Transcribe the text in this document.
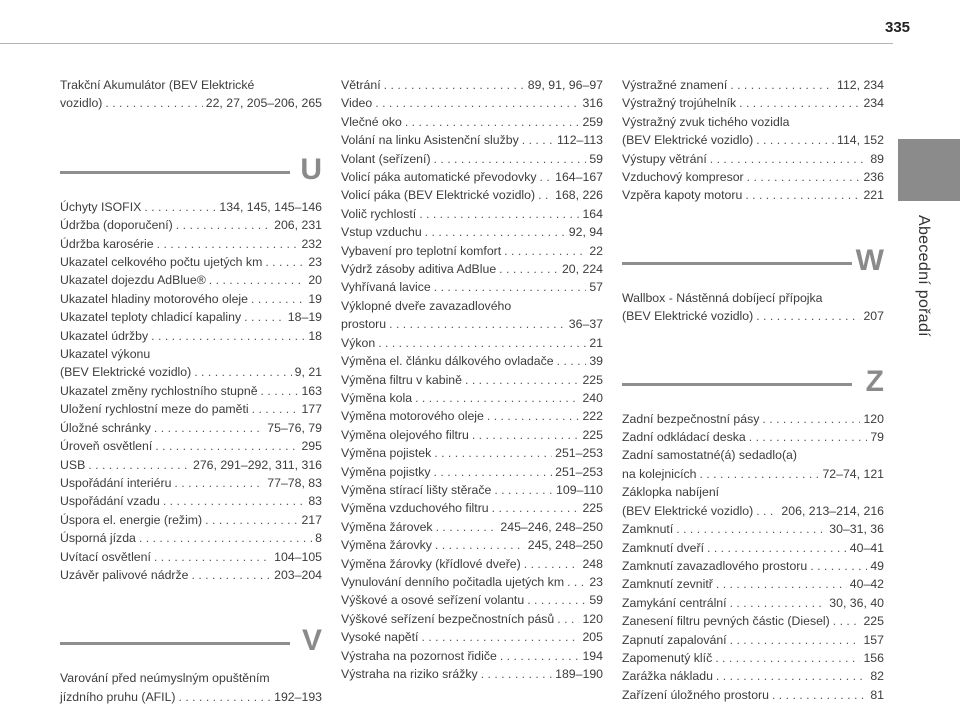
335
Abecední pořadí
Trakční Akumulátor (BEV Elektrické
vozidlo) . . .	22, 27, 205–206, 265
U
Úchyty ISOFIX . . .	134, 145, 145–146
Údržba (doporučení) . . .	206, 231
Údržba karosérie . . .	232
Ukazatel celkového počtu ujetých km . . .	23
Ukazatel dojezdu AdBlue® . . .	20
Ukazatel hladiny motorového oleje . . .	19
Ukazatel teploty chladicí kapaliny . . .	18–19
Ukazatel údržby . . .	18
Ukazatel výkonu
(BEV Elektrické vozidlo) . . .	9, 21
Ukazatel změny rychlostního stupně . . .	163
Uložení rychlostní meze do paměti . . .	177
Úložné schránky . . .	75–76, 79
Úroveň osvětlení . . .	295
USB . . .	276, 291–292, 311, 316
Uspořádání interiéru . . .	77–78, 83
Uspořádání vzadu . . .	83
Úspora el. energie (režim) . . .	217
Úsporná jízda . . .	8
Uvítací osvětlení . . .	104–105
Uzávěr palivové nádrže . . .	203–204
V
Varování před neúmyslným opuštěním
jízdního pruhu (AFIL) . . .	192–193
Větrání . . .	89, 91, 96–97
Video . . .	316
Vlečné oko . . .	259
Volání na linku Asistenční služby . . .	112–113
Volant (seřízení) . . .	59
Volicí páka automatické převodovky . . . 164–167
Volicí páka (BEV Elektrické vozidlo) . . . 168, 226
Volič rychlostí . . .	164
Vstup vzduchu . . .	92, 94
Vybavení pro teplotní komfort . . .	22
Výdrž zásoby aditiva AdBlue . . .	20, 224
Vyhřívaná lavice . . .	57
Výklopné dveře zavazadlového
prostoru . . .	36–37
Výkon . . .	21
Výměna el. článku dálkového ovladače . . .	39
Výměna filtru v kabině . . .	225
Výměna kola . . .	240
Výměna motorového oleje . . .	222
Výměna olejového filtru . . .	225
Výměna pojistek . . .	251–253
Výměna pojistky . . .	251–253
Výměna stírací lišty stěrače . . .	109–110
Výměna vzduchového filtru . . .	225
Výměna žárovek . . .	245–246, 248–250
Výměna žárovky . . .	245, 248–250
Výměna žárovky (křídlové dveře) . . .	248
Vynulování denního počitadla ujetých km . . . 23
Výškové a osové seřízení volantu . . .	59
Výškové seřízení bezpečnostních pásů . . . 120
Vysoké napětí . . .	205
Výstraha na pozornost řidiče . . .	194
Výstraha na riziko srážky . . .	189–190
Výstražné znamení . . .	112, 234
Výstražný trojúhelník . . .	234
Výstražný zvuk tichého vozidla
(BEV Elektrické vozidlo) . . .	114, 152
Výstupy větrání . . .	89
Vzduchový kompresor . . .	236
Vzpěra kapoty motoru . . .	221
W
Wallbox - Nástěnná dobíjecí přípojka
(BEV Elektrické vozidlo) . . .	207
Z
Zadní bezpečnostní pásy . . .	120
Zadní odkládací deska . . .	79
Zadní samostatné(á) sedadlo(a)
na kolejnicích . . .	72–74, 121
Záklopka nabíjení
(BEV Elektrické vozidlo) . . . 206, 213–214, 216
Zamknutí . . .	30–31, 36
Zamknutí dveří . . .	40–41
Zamknutí zavazadlového prostoru . . .	49
Zamknutí zevnitř . . .	40–42
Zamykání centrální . . .	30, 36, 40
Zanesení filtru pevných částic (Diesel) . . .	225
Zapnutí zapalování . . .	157
Zapomenutý klíč . . .	156
Zarážka nákladu . . .	82
Zařízení úložného prostoru . . .	81
